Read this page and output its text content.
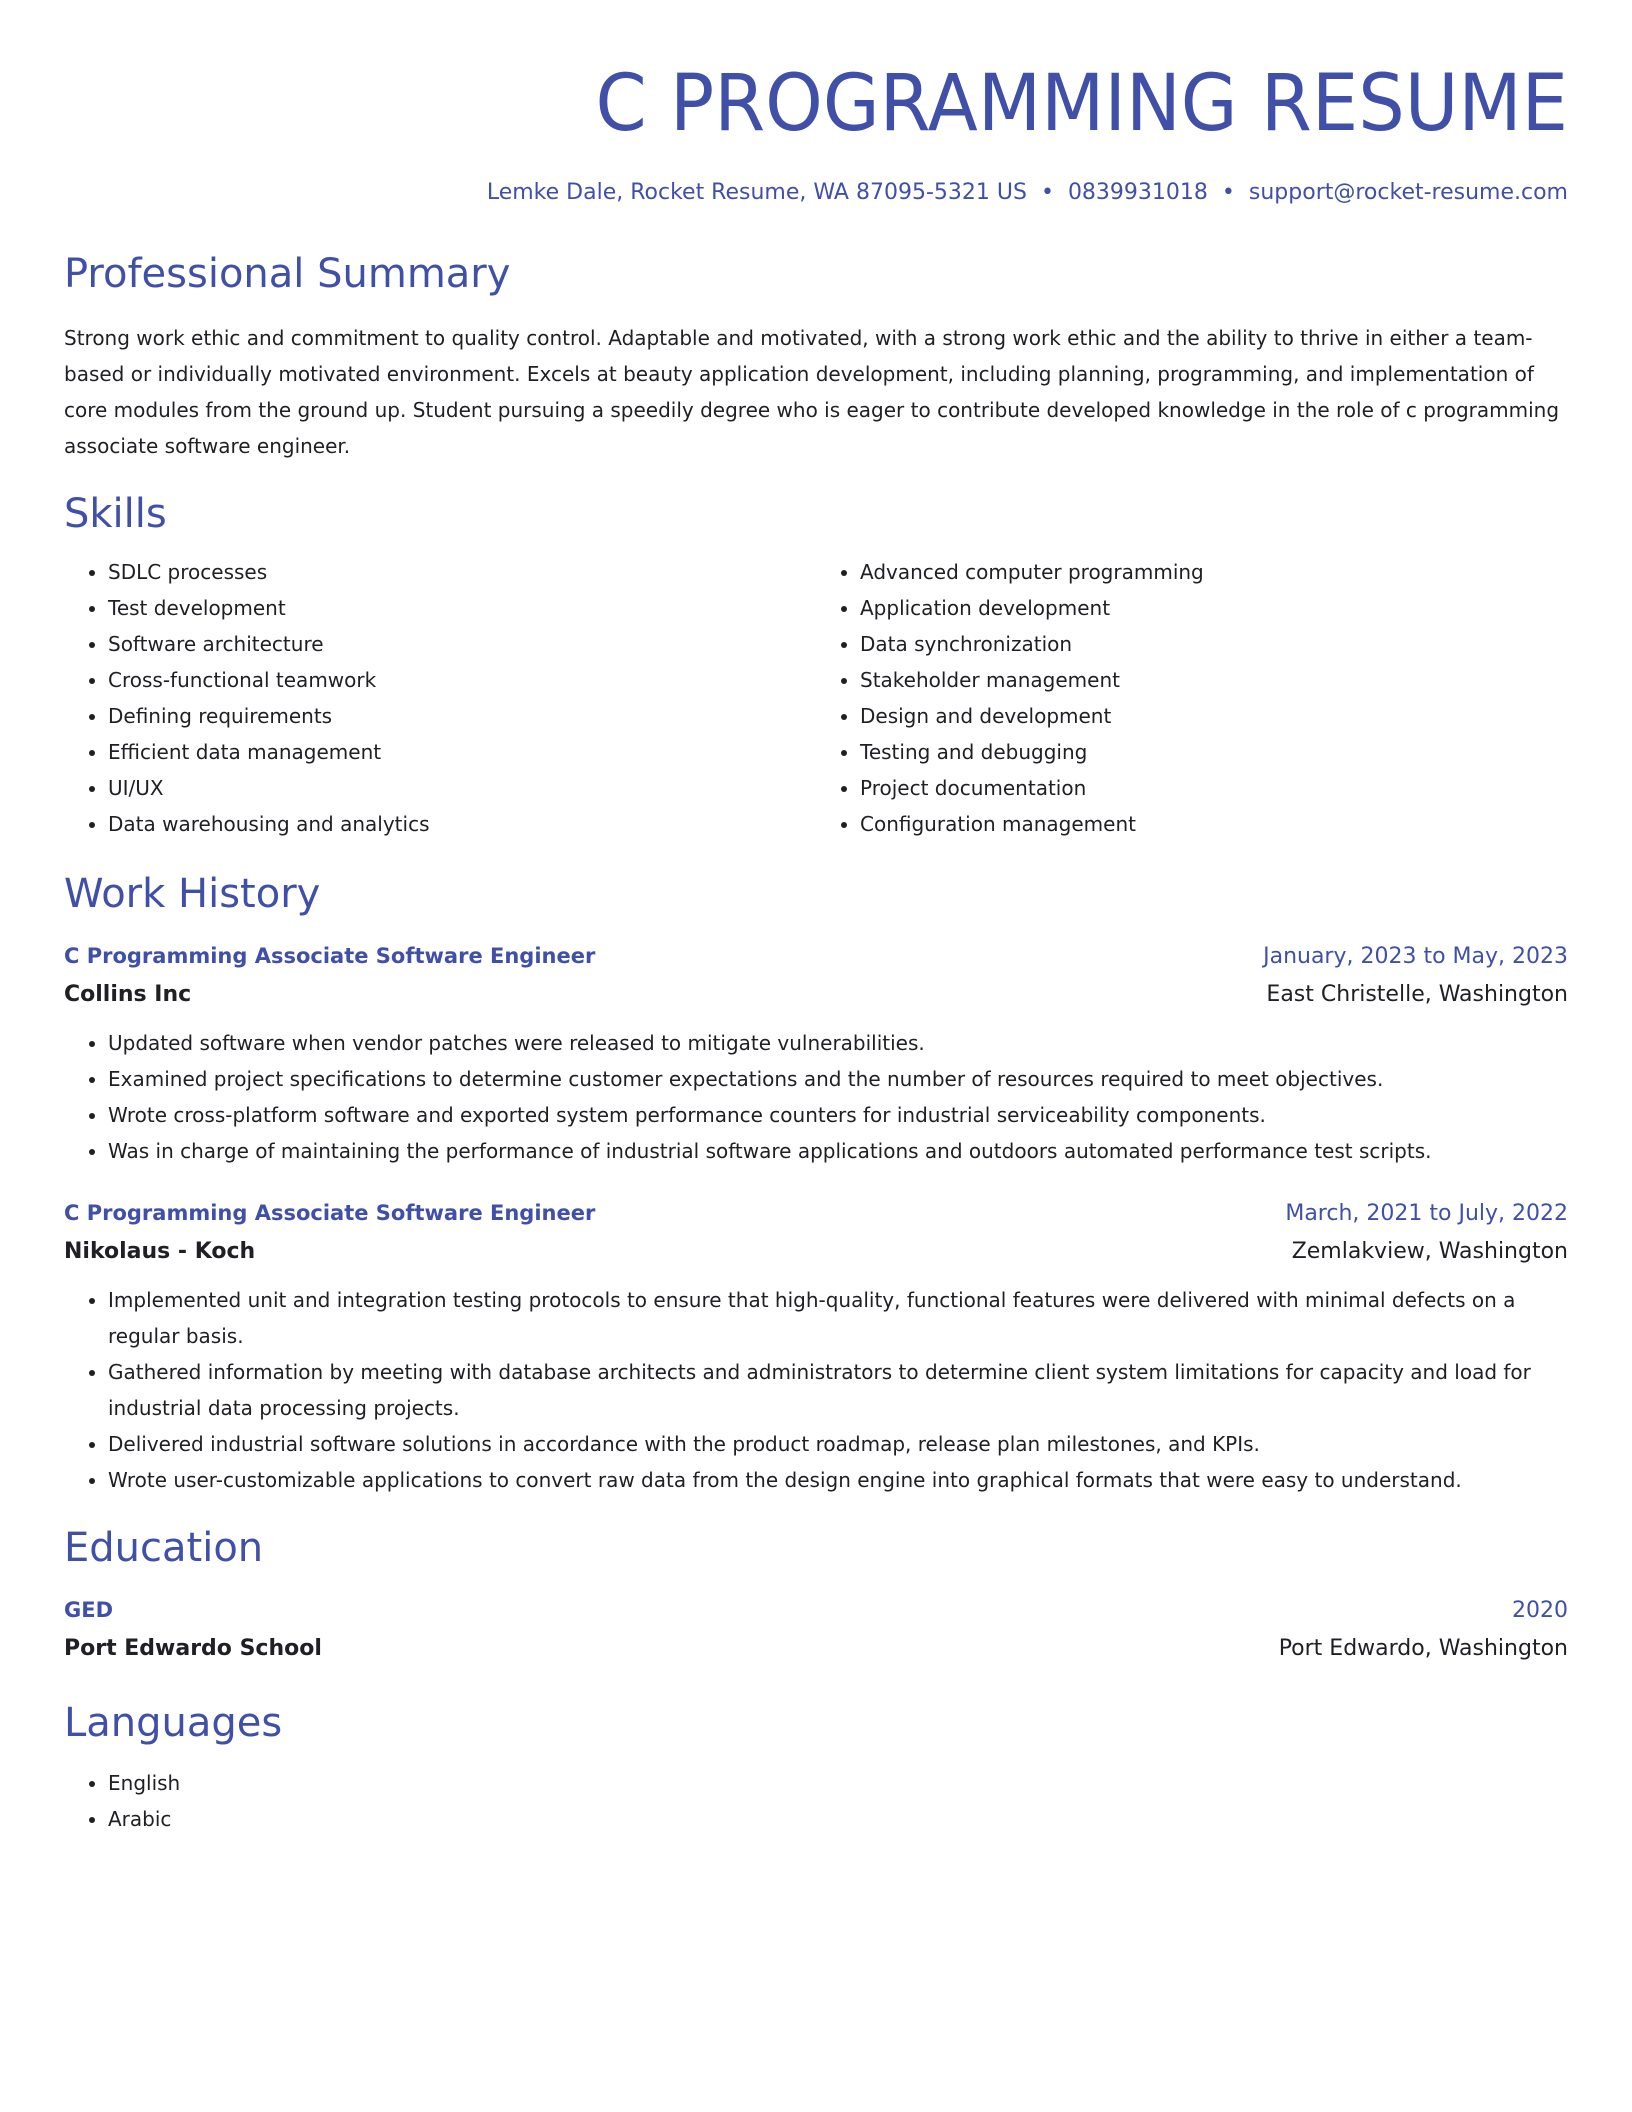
C PROGRAMMING RESUME
Lemke Dale, Rocket Resume, WA 87095-5321 US • 0839931018 • support@rocket-resume.com
Professional Summary
Strong work ethic and commitment to quality control. Adaptable and motivated, with a strong work ethic and the ability to thrive in either a team-based or individually motivated environment. Excels at beauty application development, including planning, programming, and implementation of core modules from the ground up. Student pursuing a speedily degree who is eager to contribute developed knowledge in the role of c programming associate software engineer.
Skills
• SDLC processes
• Test development
• Software architecture
• Cross-functional teamwork
• Defining requirements
• Efficient data management
• UI/UX
• Data warehousing and analytics
• Advanced computer programming
• Application development
• Data synchronization
• Stakeholder management
• Design and development
• Testing and debugging
• Project documentation
• Configuration management
Work History
C Programming Associate Software Engineer	January, 2023 to May, 2023
Collins Inc	East Christelle, Washington
• Updated software when vendor patches were released to mitigate vulnerabilities.
• Examined project specifications to determine customer expectations and the number of resources required to meet objectives.
• Wrote cross-platform software and exported system performance counters for industrial serviceability components.
• Was in charge of maintaining the performance of industrial software applications and outdoors automated performance test scripts.
C Programming Associate Software Engineer	March, 2021 to July, 2022
Nikolaus - Koch	Zemlakview, Washington
• Implemented unit and integration testing protocols to ensure that high-quality, functional features were delivered with minimal defects on a regular basis.
• Gathered information by meeting with database architects and administrators to determine client system limitations for capacity and load for industrial data processing projects.
• Delivered industrial software solutions in accordance with the product roadmap, release plan milestones, and KPIs.
• Wrote user-customizable applications to convert raw data from the design engine into graphical formats that were easy to understand.
Education
GED	2020
Port Edwardo School	Port Edwardo, Washington
Languages
• English
• Arabic
